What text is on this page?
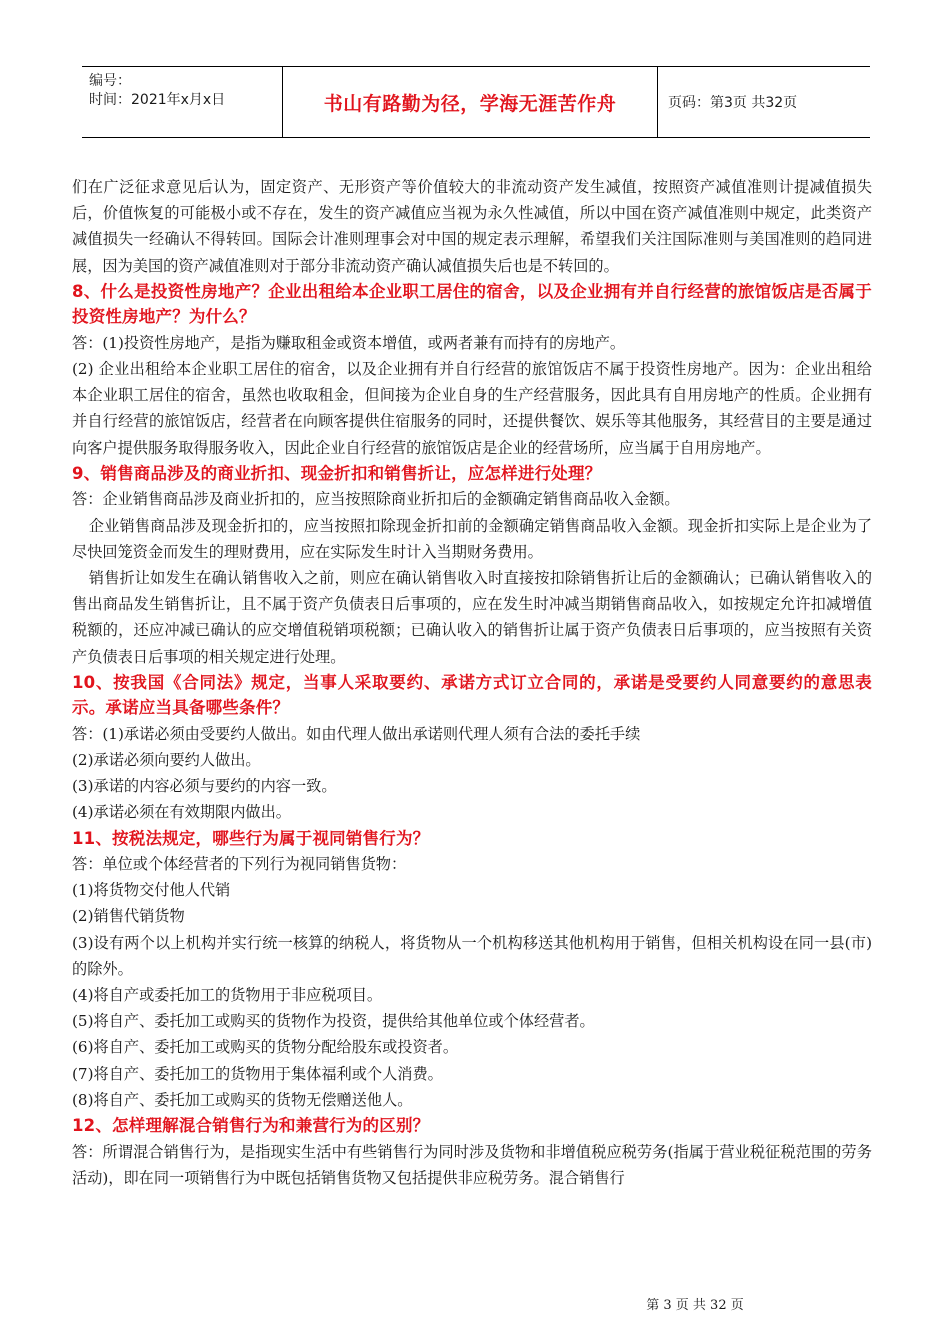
编号：
时间：2021年x月x日	书山有路勤为径，学海无涯苦作舟	页码：第3页 共32页

们在广泛征求意见后认为，固定资产、无形资产等价值较大的非流动资产发生减值，按照资产减值准则计提减值损失后，价值恢复的可能极小或不存在，发生的资产减值应当视为永久性减值，所以中国在资产减值准则中规定，此类资产减值损失一经确认不得转回。国际会计准则理事会对中国的规定表示理解，希望我们关注国际准则与美国准则的趋同进展，因为美国的资产减值准则对于部分非流动资产确认减值损失后也是不转回的。

8、什么是投资性房地产？企业出租给本企业职工居住的宿舍，以及企业拥有并自行经营的旅馆饭店是否属于投资性房地产？为什么？

答：(1)投资性房地产，是指为赚取租金或资本增值，或两者兼有而持有的房地产。

(2) 企业出租给本企业职工居住的宿舍，以及企业拥有并自行经营的旅馆饭店不属于投资性房地产。因为：企业出租给本企业职工居住的宿舍，虽然也收取租金，但间接为企业自身的生产经营服务，因此具有自用房地产的性质。企业拥有并自行经营的旅馆饭店，经营者在向顾客提供住宿服务的同时，还提供餐饮、娱乐等其他服务，其经营目的主要是通过向客户提供服务取得服务收入，因此企业自行经营的旅馆饭店是企业的经营场所，应当属于自用房地产。

9、销售商品涉及的商业折扣、现金折扣和销售折让，应怎样进行处理？

答：企业销售商品涉及商业折扣的，应当按照除商业折扣后的金额确定销售商品收入金额。

企业销售商品涉及现金折扣的，应当按照扣除现金折扣前的金额确定销售商品收入金额。现金折扣实际上是企业为了尽快回笼资金而发生的理财费用，应在实际发生时计入当期财务费用。

销售折让如发生在确认销售收入之前，则应在确认销售收入时直接按扣除销售折让后的金额确认；已确认销售收入的售出商品发生销售折让，且不属于资产负债表日后事项的，应在发生时冲减当期销售商品收入，如按规定允许扣减增值税额的，还应冲减已确认的应交增值税销项税额；已确认收入的销售折让属于资产负债表日后事项的，应当按照有关资产负债表日后事项的相关规定进行处理。

10、按我国《合同法》规定，当事人采取要约、承诺方式订立合同的，承诺是受要约人同意要约的意思表示。承诺应当具备哪些条件？

答：(1)承诺必须由受要约人做出。如由代理人做出承诺则代理人须有合法的委托手续

(2)承诺必须向要约人做出。

(3)承诺的内容必须与要约的内容一致。

(4)承诺必须在有效期限内做出。

11、按税法规定，哪些行为属于视同销售行为？

答：单位或个体经营者的下列行为视同销售货物：

(1)将货物交付他人代销

(2)销售代销货物

(3)设有两个以上机构并实行统一核算的纳税人，将货物从一个机构移送其他机构用于销售，但相关机构设在同一县(市)的除外。

(4)将自产或委托加工的货物用于非应税项目。

(5)将自产、委托加工或购买的货物作为投资，提供给其他单位或个体经营者。

(6)将自产、委托加工或购买的货物分配给股东或投资者。

(7)将自产、委托加工的货物用于集体福利或个人消费。

(8)将自产、委托加工或购买的货物无偿赠送他人。

12、怎样理解混合销售行为和兼营行为的区别？

答：所谓混合销售行为，是指现实生活中有些销售行为同时涉及货物和非增值税应税劳务(指属于营业税征税范围的劳务活动)，即在同一项销售行为中既包括销售货物又包括提供非应税劳务。混合销售行

第 3 页 共 32 页
